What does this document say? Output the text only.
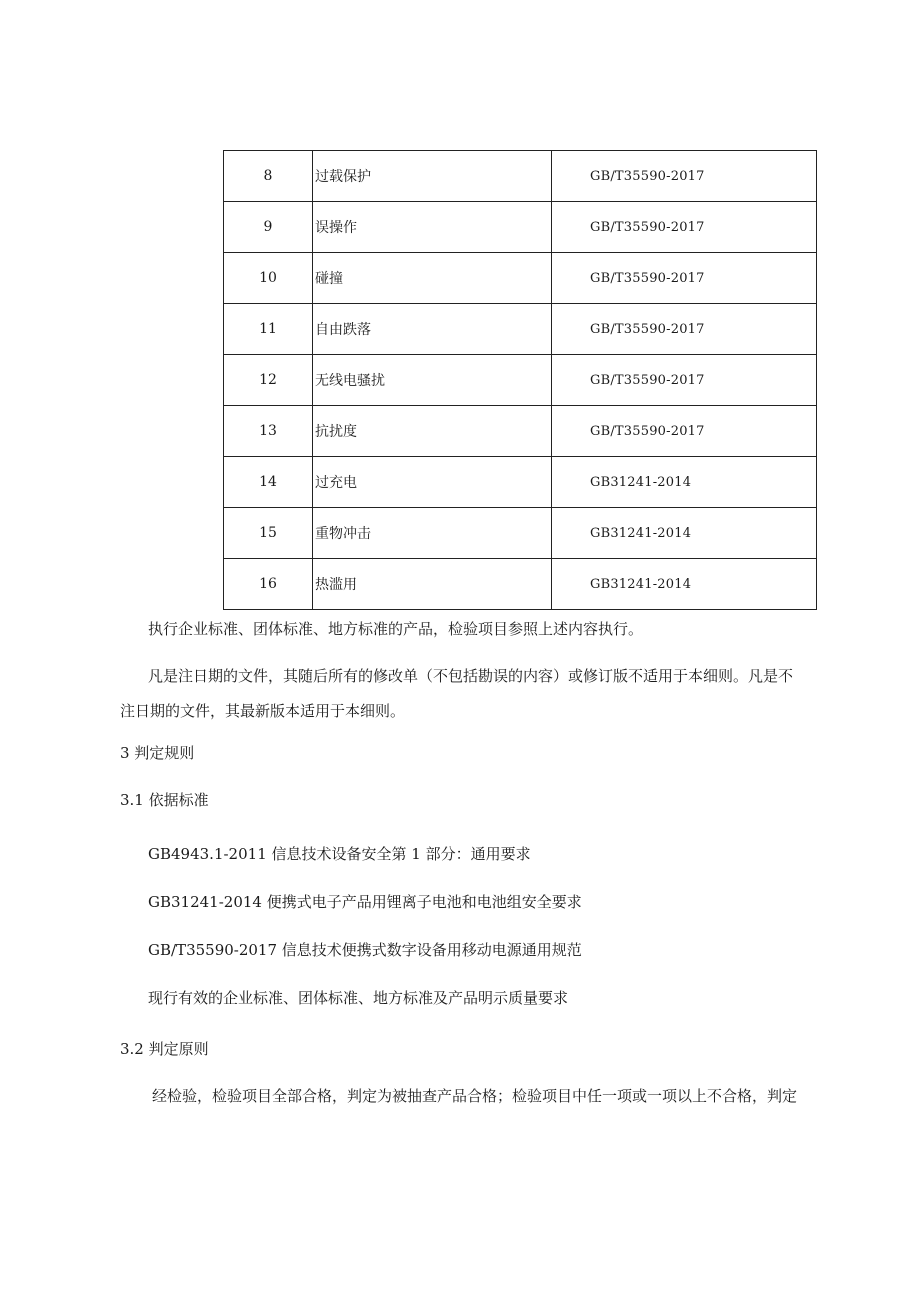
8	过载保护	GB/T35590-2017
9	误操作	GB/T35590-2017
10	碰撞	GB/T35590-2017
11	自由跌落	GB/T35590-2017
12	无线电骚扰	GB/T35590-2017
13	抗扰度	GB/T35590-2017
14	过充电	GB31241-2014
15	重物冲击	GB31241-2014
16	热滥用	GB31241-2014
执行企业标准、团体标准、地方标准的产品，检验项目参照上述内容执行。
凡是注日期的文件，其随后所有的修改单（不包括勘误的内容）或修订版不适用于本细则。凡是不
注日期的文件，其最新版本适用于本细则。
3 判定规则
3.1 依据标准
GB4943.1-2011 信息技术设备安全第 1 部分：通用要求
GB31241-2014 便携式电子产品用锂离子电池和电池组安全要求
GB/T35590-2017 信息技术便携式数字设备用移动电源通用规范
现行有效的企业标准、团体标准、地方标准及产品明示质量要求
3.2 判定原则
经检验，检验项目全部合格，判定为被抽查产品合格；检验项目中任一项或一项以上不合格，判定
